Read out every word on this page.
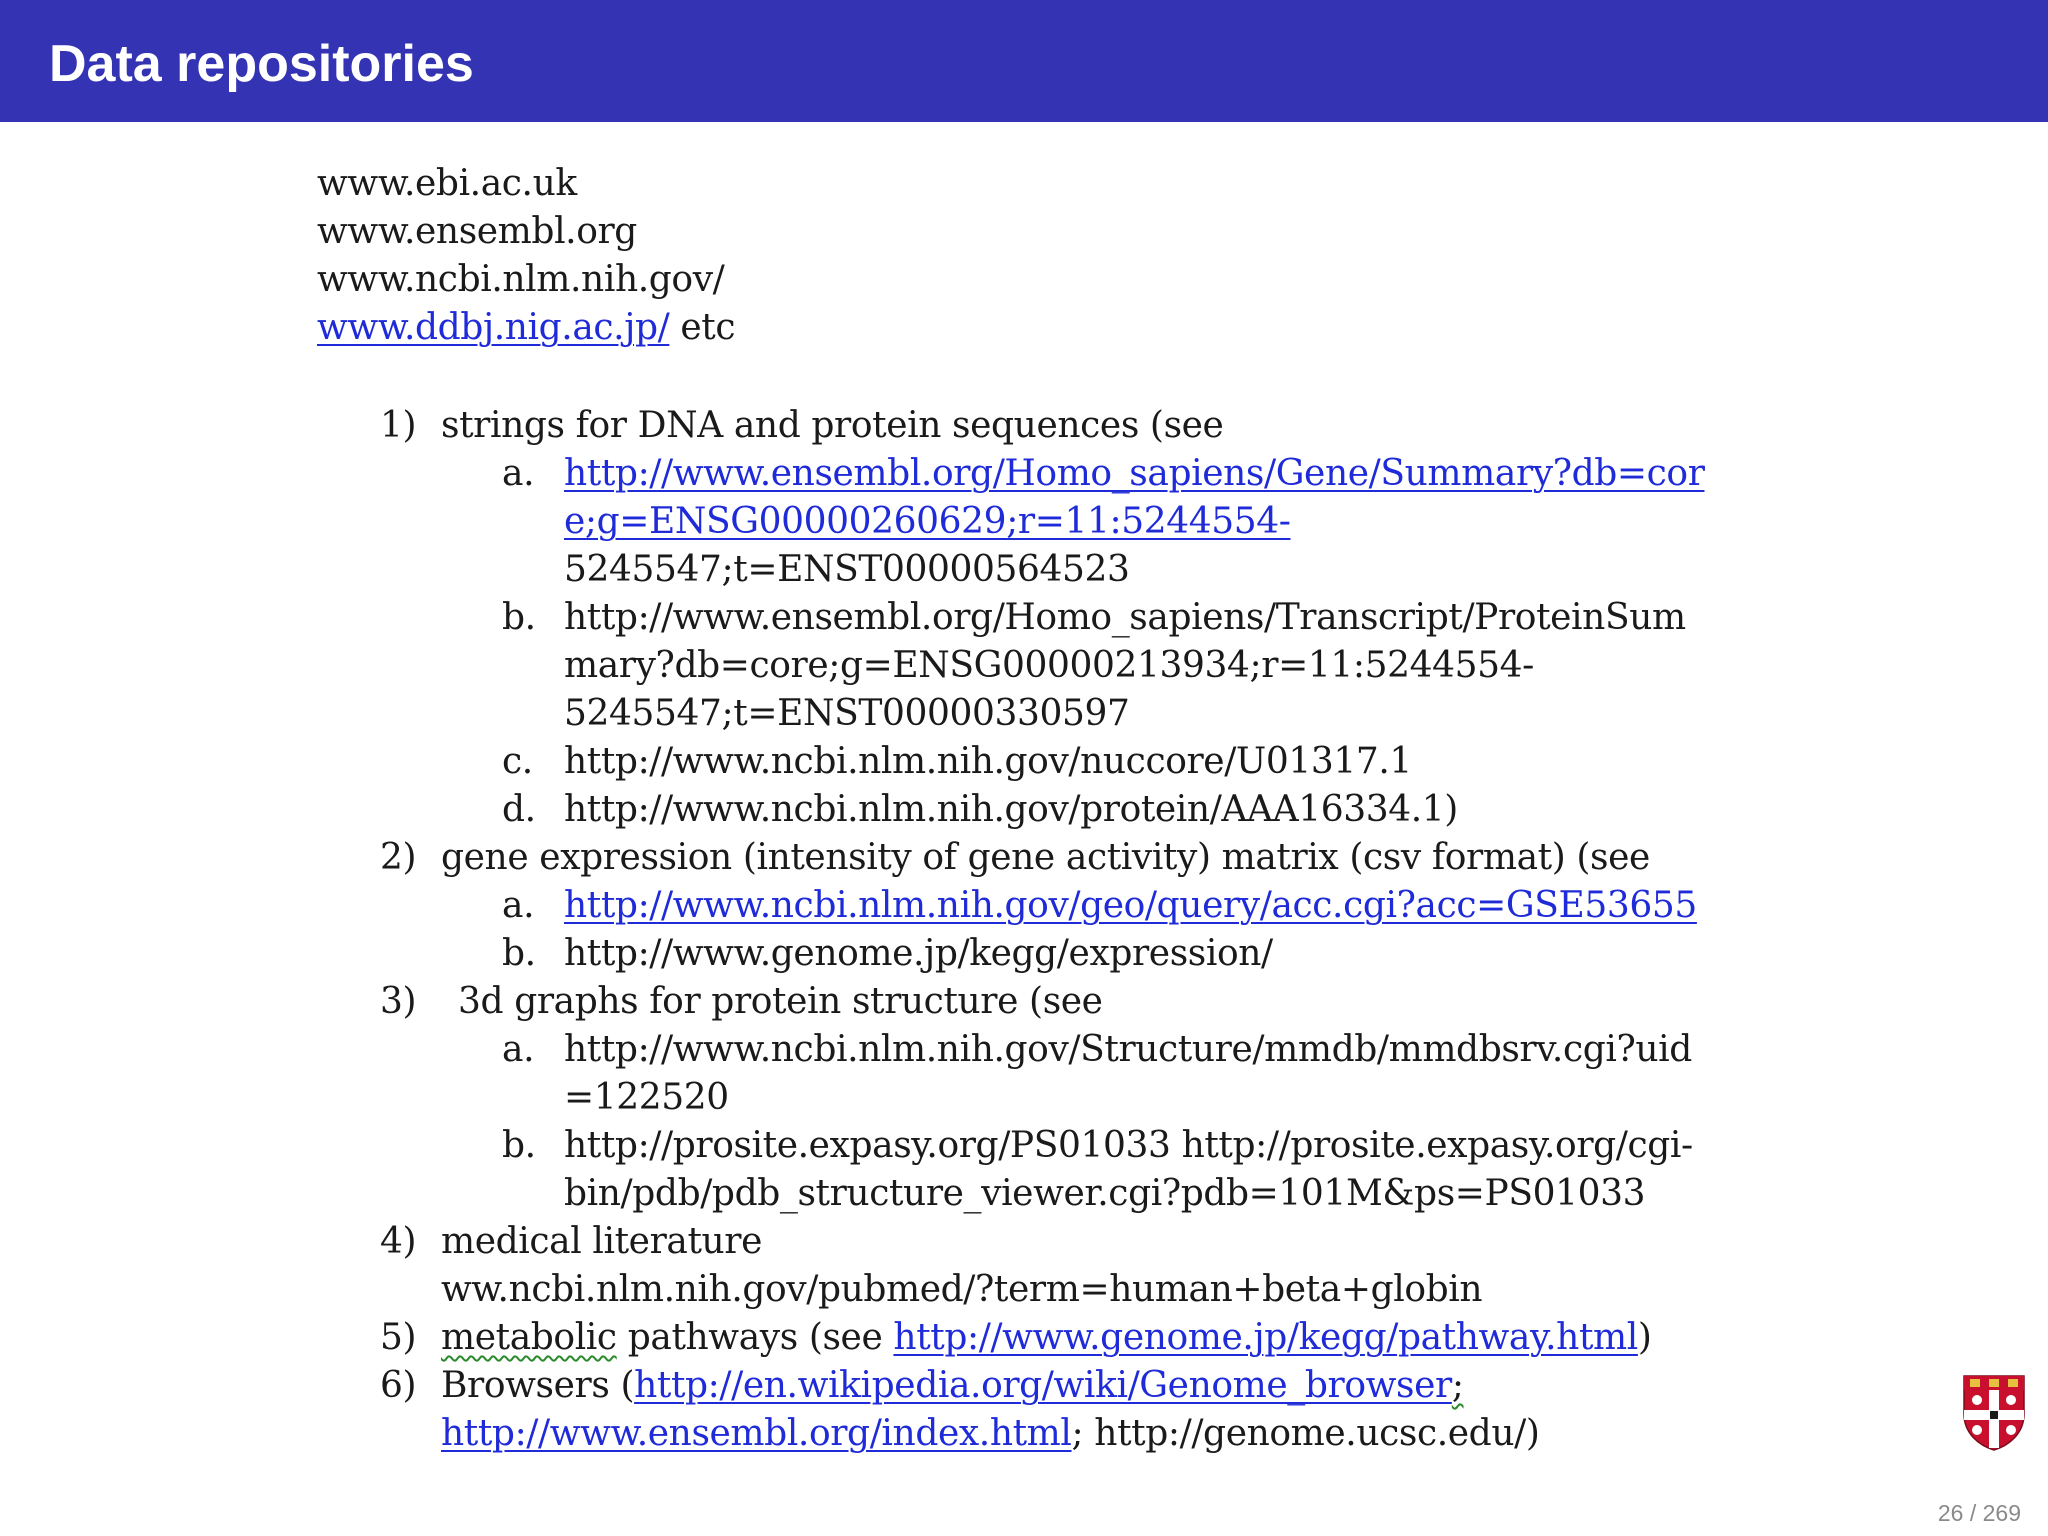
Data repositories
www.ebi.ac.uk
www.ensembl.org
www.ncbi.nlm.nih.gov/
www.ddbj.nig.ac.jp/ etc
1) strings for DNA and protein sequences (see
a. http://www.ensembl.org/Homo_sapiens/Gene/Summary?db=cor
e;g=ENSG00000260629;r=11:5244554-
5245547;t=ENST00000564523
b. http://www.ensembl.org/Homo_sapiens/Transcript/ProteinSum
mary?db=core;g=ENSG00000213934;r=11:5244554-
5245547;t=ENST00000330597
c. http://www.ncbi.nlm.nih.gov/nuccore/U01317.1
d. http://www.ncbi.nlm.nih.gov/protein/AAA16334.1)
2) gene expression (intensity of gene activity) matrix (csv format) (see
a. http://www.ncbi.nlm.nih.gov/geo/query/acc.cgi?acc=GSE53655
b. http://www.genome.jp/kegg/expression/
3) 3d graphs for protein structure (see
a. http://www.ncbi.nlm.nih.gov/Structure/mmdb/mmdbsrv.cgi?uid
=122520
b. http://prosite.expasy.org/PS01033 http://prosite.expasy.org/cgi-
bin/pdb/pdb_structure_viewer.cgi?pdb=101M&ps=PS01033
4) medical literature
ww.ncbi.nlm.nih.gov/pubmed/?term=human+beta+globin
5) metabolic pathways (see http://www.genome.jp/kegg/pathway.html)
6) Browsers (http://en.wikipedia.org/wiki/Genome_browser;
http://www.ensembl.org/index.html; http://genome.ucsc.edu/)
26 / 269
